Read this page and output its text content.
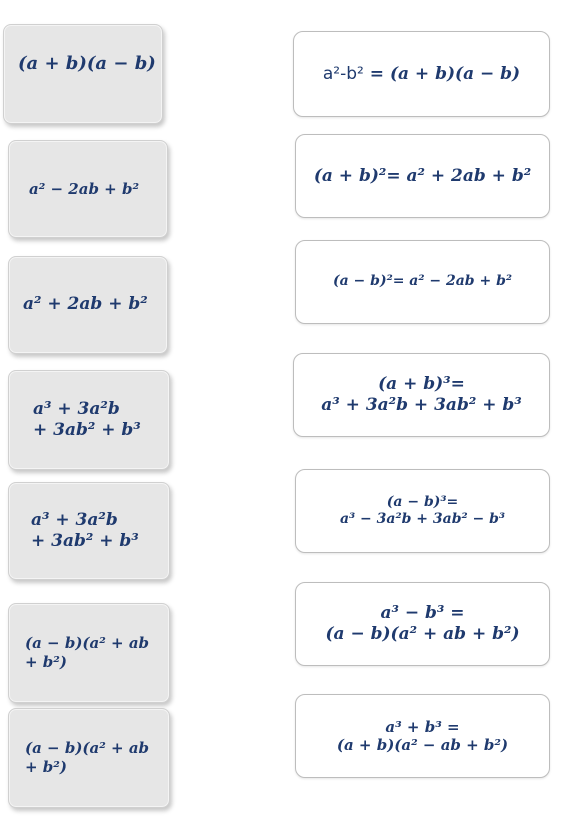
(a + b)(a − b)
a² − 2ab + b²
a² + 2ab + b²
a³ + 3a²b
+ 3ab² + b³
a³ + 3a²b
+ 3ab² + b³
(a − b)(a² + ab
+ b²)
(a − b)(a² + ab
+ b²)
a²-b² = (a + b)(a − b)
(a + b)²= a² + 2ab + b²
(a − b)²= a² − 2ab + b²
(a + b)³=
a³ + 3a²b + 3ab² + b³
(a − b)³=
a³ − 3a²b + 3ab² − b³
a³ − b³ =
(a − b)(a² + ab + b²)
a³ + b³ =
(a + b)(a² − ab + b²)
